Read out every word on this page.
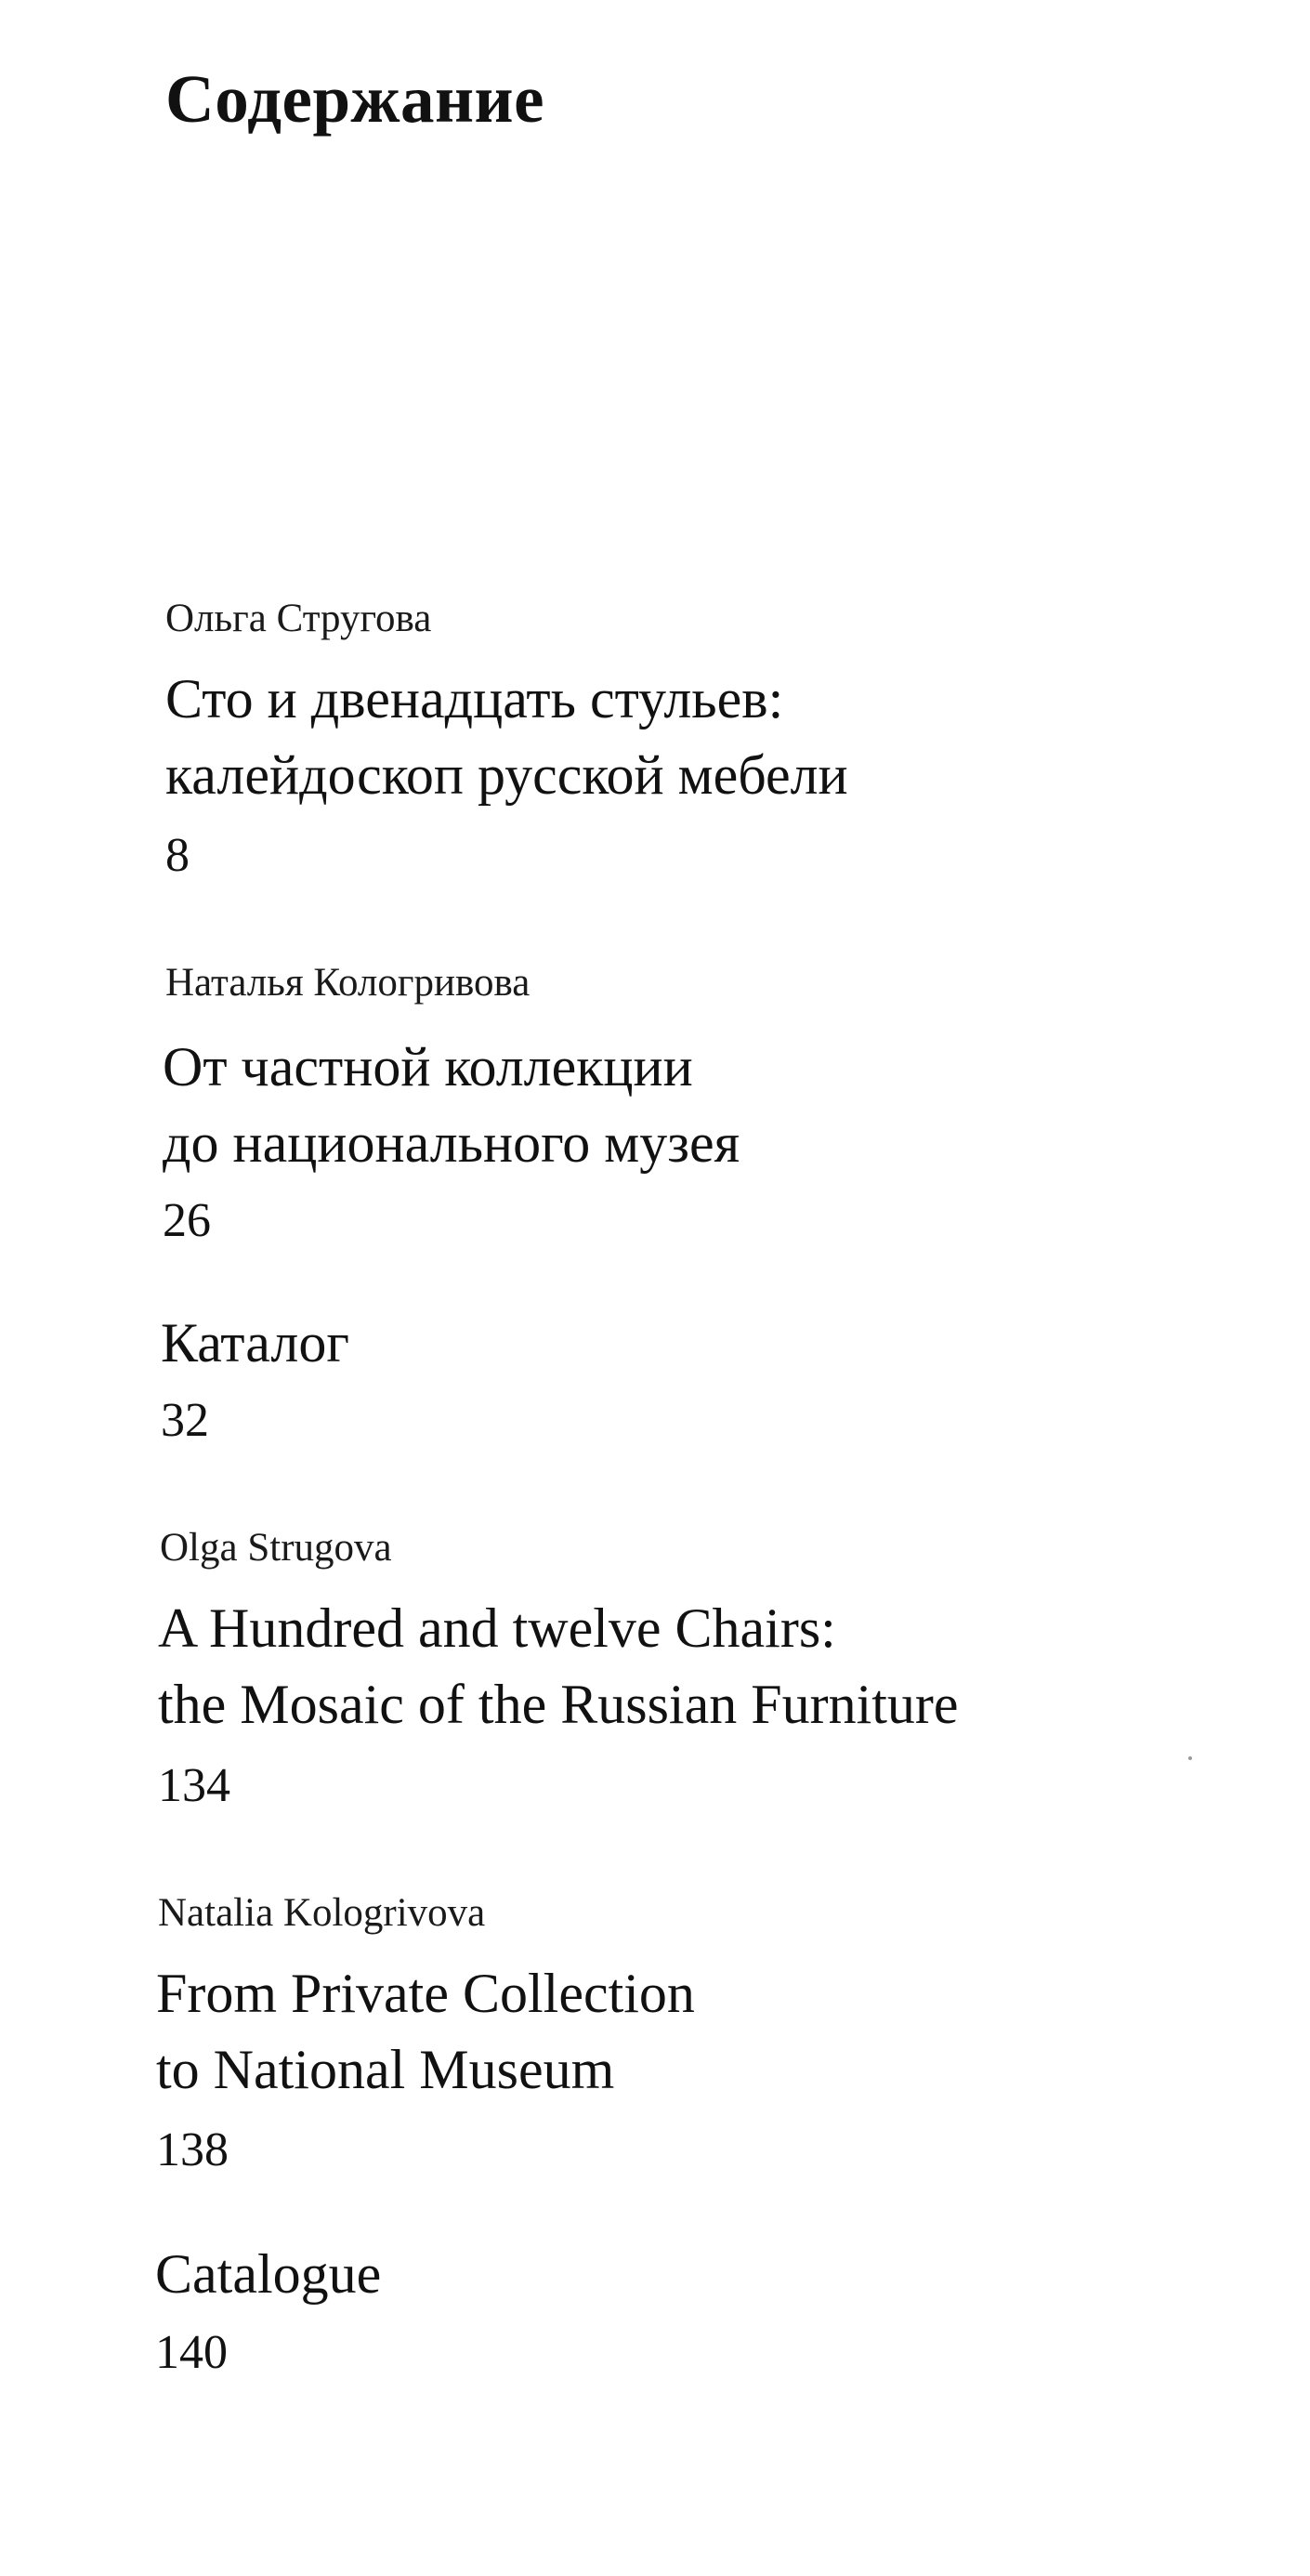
Содержание
Ольга Стругова
Сто и двенадцать стульев:
калейдоскоп русской мебели
8
Наталья Кологривова
От частной коллекции
до национального музея
26
Каталог
32
Olga Strugova
A Hundred and twelve Chairs:
the Mosaic of the Russian Furniture
134
Natalia Kologrivova
From Private Collection
to National Museum
138
Catalogue
140
